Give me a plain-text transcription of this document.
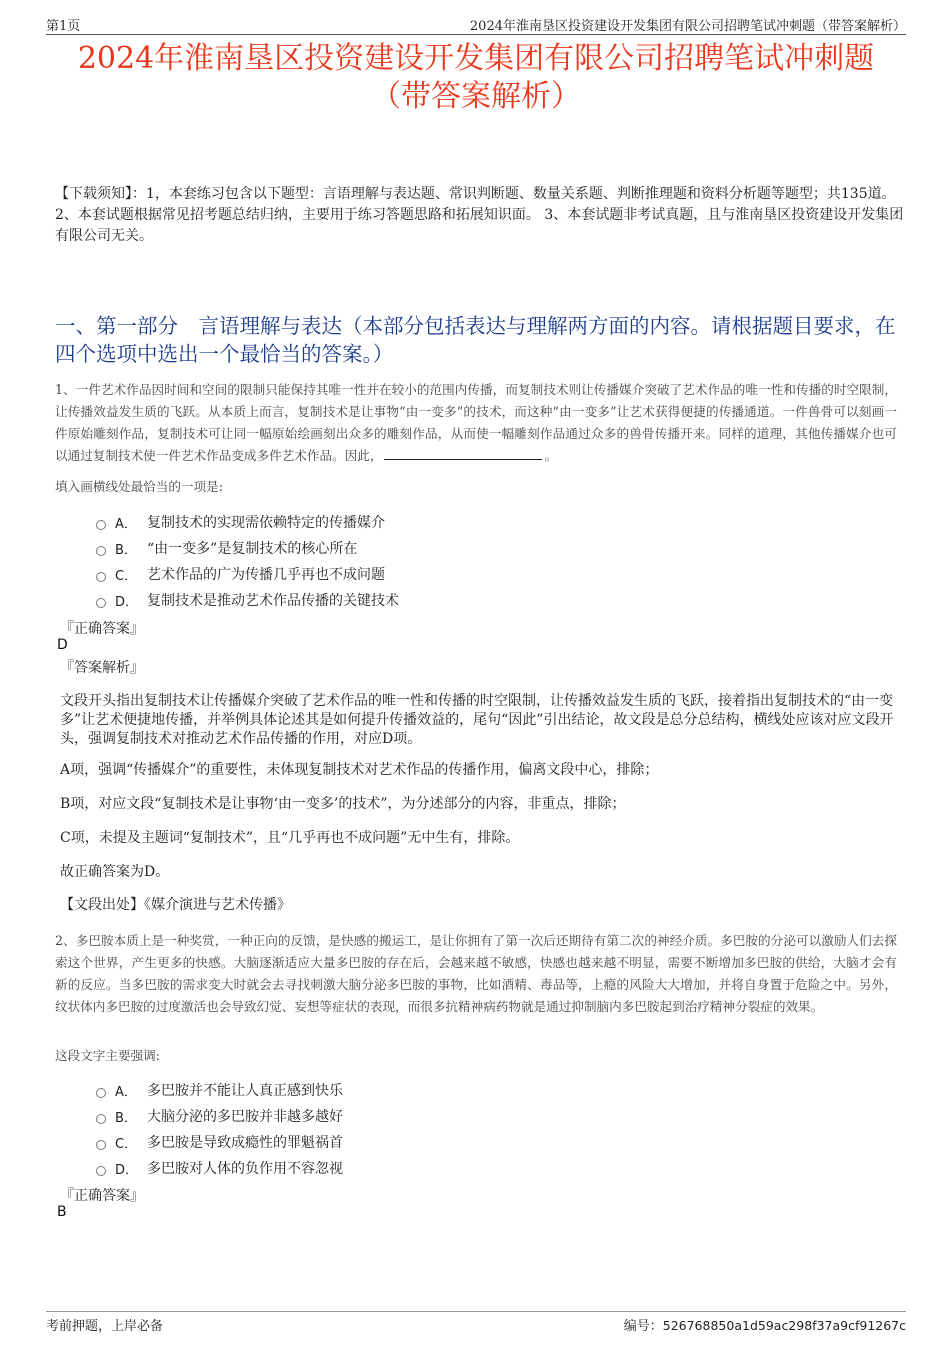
第1页	2024年淮南垦区投资建设开发集团有限公司招聘笔试冲刺题（带答案解析）
2024年淮南垦区投资建设开发集团有限公司招聘笔试冲刺题
（带答案解析）
【下载须知】：1，本套练习包含以下题型：言语理解与表达题、常识判断题、数量关系题、判断推理题和资料分析题等题型；共135道。 2、本套试题根据常见招考题总结归纳，主要用于练习答题思路和拓展知识面。 3、本套试题非考试真题，且与淮南垦区投资建设开发集团有限公司无关。
一、第一部分　言语理解与表达（本部分包括表达与理解两方面的内容。请根据题目要求，在四个选项中选出一个最恰当的答案。）
1、一件艺术作品因时间和空间的限制只能保持其唯一性并在较小的范围内传播，而复制技术则让传播媒介突破了艺术作品的唯一性和传播的时空限制，让传播效益发生质的飞跃。从本质上而言，复制技术是让事物“由一变多”的技术，而这种“由一变多”让艺术获得便捷的传播通道。一件兽骨可以刻画一件原始雕刻作品，复制技术可让同一幅原始绘画刻出众多的雕刻作品，从而使一幅雕刻作品通过众多的兽骨传播开来。同样的道理，其他传播媒介也可以通过复制技术使一件艺术作品变成多件艺术作品。因此，	。
填入画横线处最恰当的一项是:
A． 复制技术的实现需依赖特定的传播媒介
B． “由一变多”是复制技术的核心所在
C． 艺术作品的广为传播几乎再也不成问题
D． 复制技术是推动艺术作品传播的关键技术
『正确答案』
D
『答案解析』
文段开头指出复制技术让传播媒介突破了艺术作品的唯一性和传播的时空限制，让传播效益发生质的飞跃，接着指出复制技术的“由一变多”让艺术便捷地传播，并举例具体论述其是如何提升传播效益的，尾句“因此”引出结论，故文段是总分总结构，横线处应该对应文段开头，强调复制技术对推动艺术作品传播的作用，对应D项。
A项，强调“传播媒介”的重要性，未体现复制技术对艺术作品的传播作用，偏离文段中心，排除；
B项，对应文段“复制技术是让事物‘由一变多’的技术”，为分述部分的内容，非重点，排除；
C项，未提及主题词“复制技术”，且“几乎再也不成问题”无中生有，排除。
故正确答案为D。
【文段出处】《媒介演进与艺术传播》
2、多巴胺本质上是一种奖赏，一种正向的反馈，是快感的搬运工，是让你拥有了第一次后还期待有第二次的神经介质。多巴胺的分泌可以激励人们去探索这个世界，产生更多的快感。大脑逐渐适应大量多巴胺的存在后，会越来越不敏感，快感也越来越不明显，需要不断增加多巴胺的供给，大脑才会有新的反应。当多巴胺的需求变大时就会去寻找刺激大脑分泌多巴胺的事物，比如酒精、毒品等，上瘾的风险大大增加，并将自身置于危险之中。另外，纹状体内多巴胺的过度激活也会导致幻觉、妄想等症状的表现，而很多抗精神病药物就是通过抑制脑内多巴胺起到治疗精神分裂症的效果。
这段文字主要强调:
A． 多巴胺并不能让人真正感到快乐
B． 大脑分泌的多巴胺并非越多越好
C． 多巴胺是导致成瘾性的罪魁祸首
D． 多巴胺对人体的负作用不容忽视
『正确答案』
B
考前押题，上岸必备	编号：526768850a1d59ac298f37a9cf91267c
